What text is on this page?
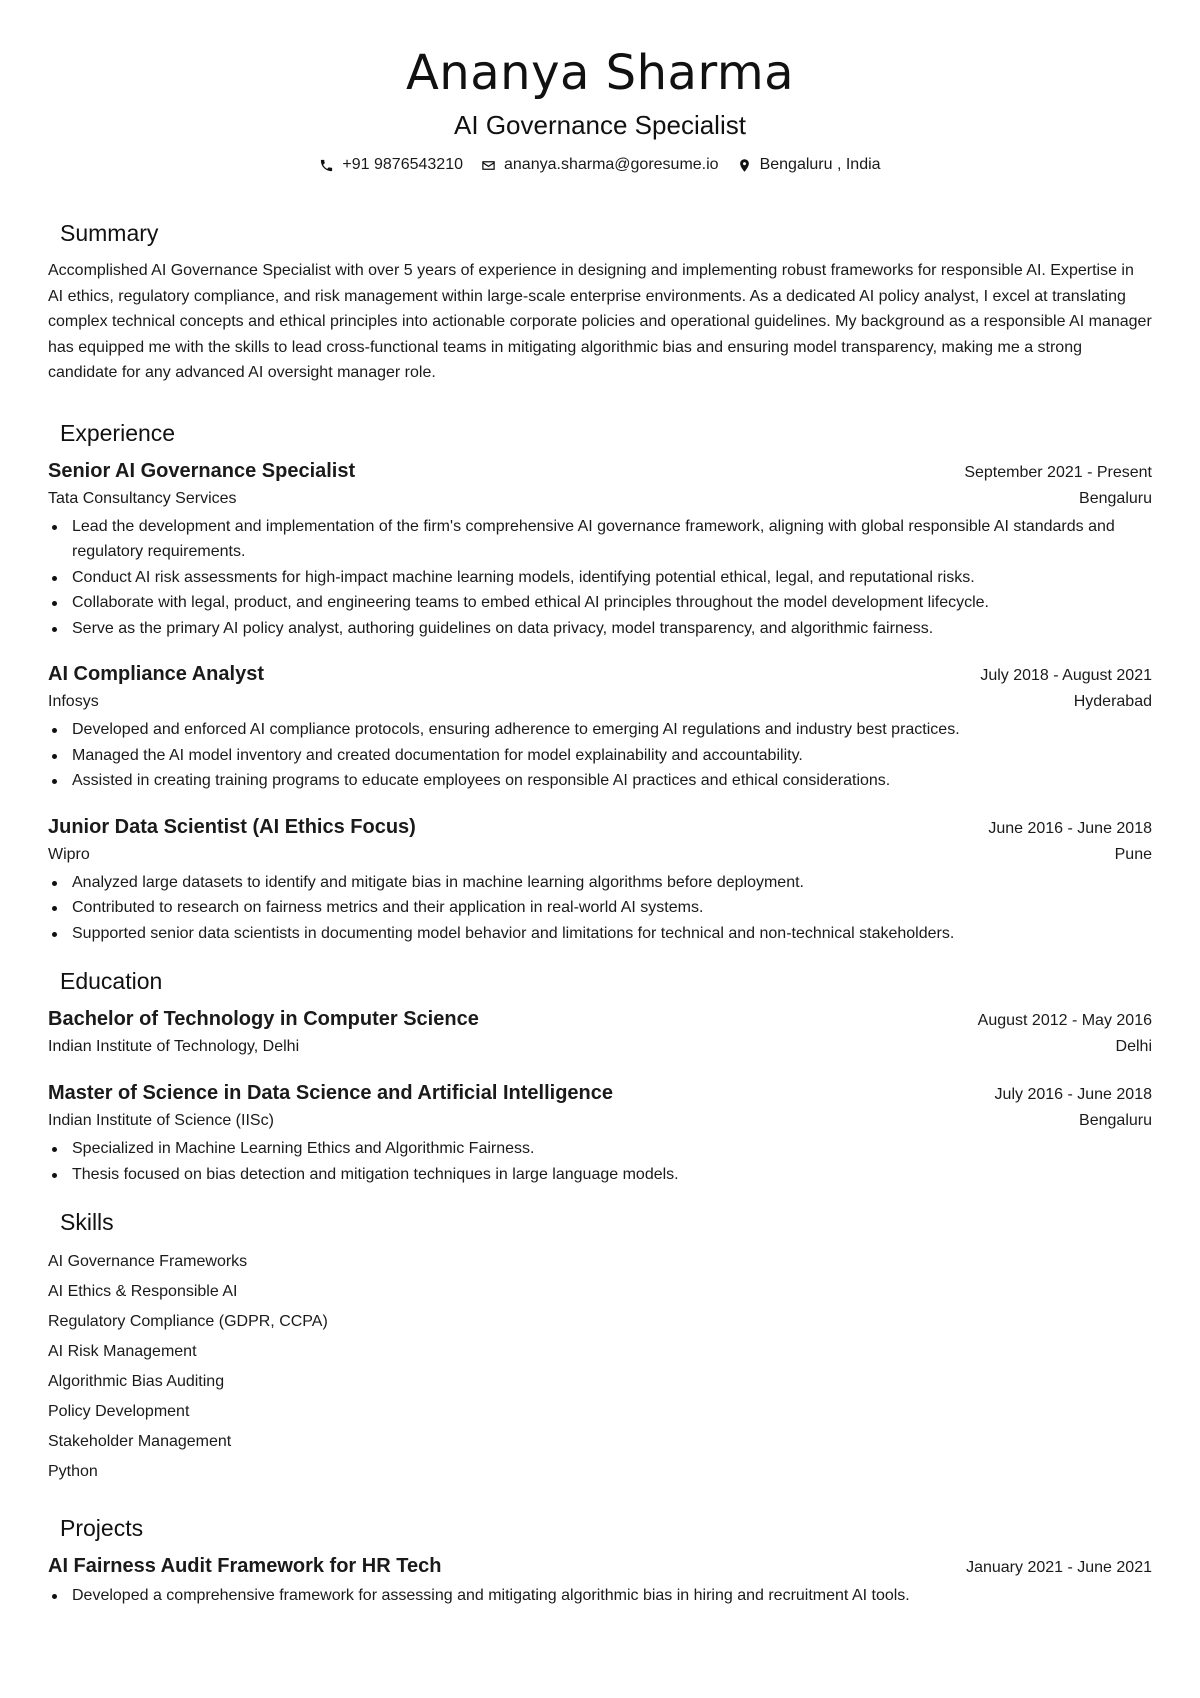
Ananya Sharma
AI Governance Specialist
+91 9876543210	ananya.sharma@goresume.io	Bengaluru , India
Summary

Accomplished AI Governance Specialist with over 5 years of experience in designing and implementing robust frameworks for responsible AI. Expertise in AI ethics, regulatory compliance, and risk management within large-scale enterprise environments. As a dedicated AI policy analyst, I excel at translating complex technical concepts and ethical principles into actionable corporate policies and operational guidelines. My background as a responsible AI manager has equipped me with the skills to lead cross-functional teams in mitigating algorithmic bias and ensuring model transparency, making me a strong candidate for any advanced AI oversight manager role.

Experience
Senior AI Governance Specialist	September 2021 - Present
Tata Consultancy Services	Bengaluru
Lead the development and implementation of the firm's comprehensive AI governance framework, aligning with global responsible AI standards and regulatory requirements.
Conduct AI risk assessments for high-impact machine learning models, identifying potential ethical, legal, and reputational risks.
Collaborate with legal, product, and engineering teams to embed ethical AI principles throughout the model development lifecycle.
Serve as the primary AI policy analyst, authoring guidelines on data privacy, model transparency, and algorithmic fairness.
AI Compliance Analyst	July 2018 - August 2021
Infosys	Hyderabad
Developed and enforced AI compliance protocols, ensuring adherence to emerging AI regulations and industry best practices.
Managed the AI model inventory and created documentation for model explainability and accountability.
Assisted in creating training programs to educate employees on responsible AI practices and ethical considerations.
Junior Data Scientist (AI Ethics Focus)	June 2016 - June 2018
Wipro	Pune
Analyzed large datasets to identify and mitigate bias in machine learning algorithms before deployment.
Contributed to research on fairness metrics and their application in real-world AI systems.
Supported senior data scientists in documenting model behavior and limitations for technical and non-technical stakeholders.
Education
Bachelor of Technology in Computer Science	August 2012 - May 2016
Indian Institute of Technology, Delhi	Delhi
Master of Science in Data Science and Artificial Intelligence	July 2016 - June 2018
Indian Institute of Science (IISc)	Bengaluru
Specialized in Machine Learning Ethics and Algorithmic Fairness.
Thesis focused on bias detection and mitigation techniques in large language models.
Skills
AI Governance Frameworks
AI Ethics & Responsible AI
Regulatory Compliance (GDPR, CCPA)
AI Risk Management
Algorithmic Bias Auditing
Policy Development
Stakeholder Management
Python
Projects
AI Fairness Audit Framework for HR Tech	January 2021 - June 2021
Developed a comprehensive framework for assessing and mitigating algorithmic bias in hiring and recruitment AI tools.
